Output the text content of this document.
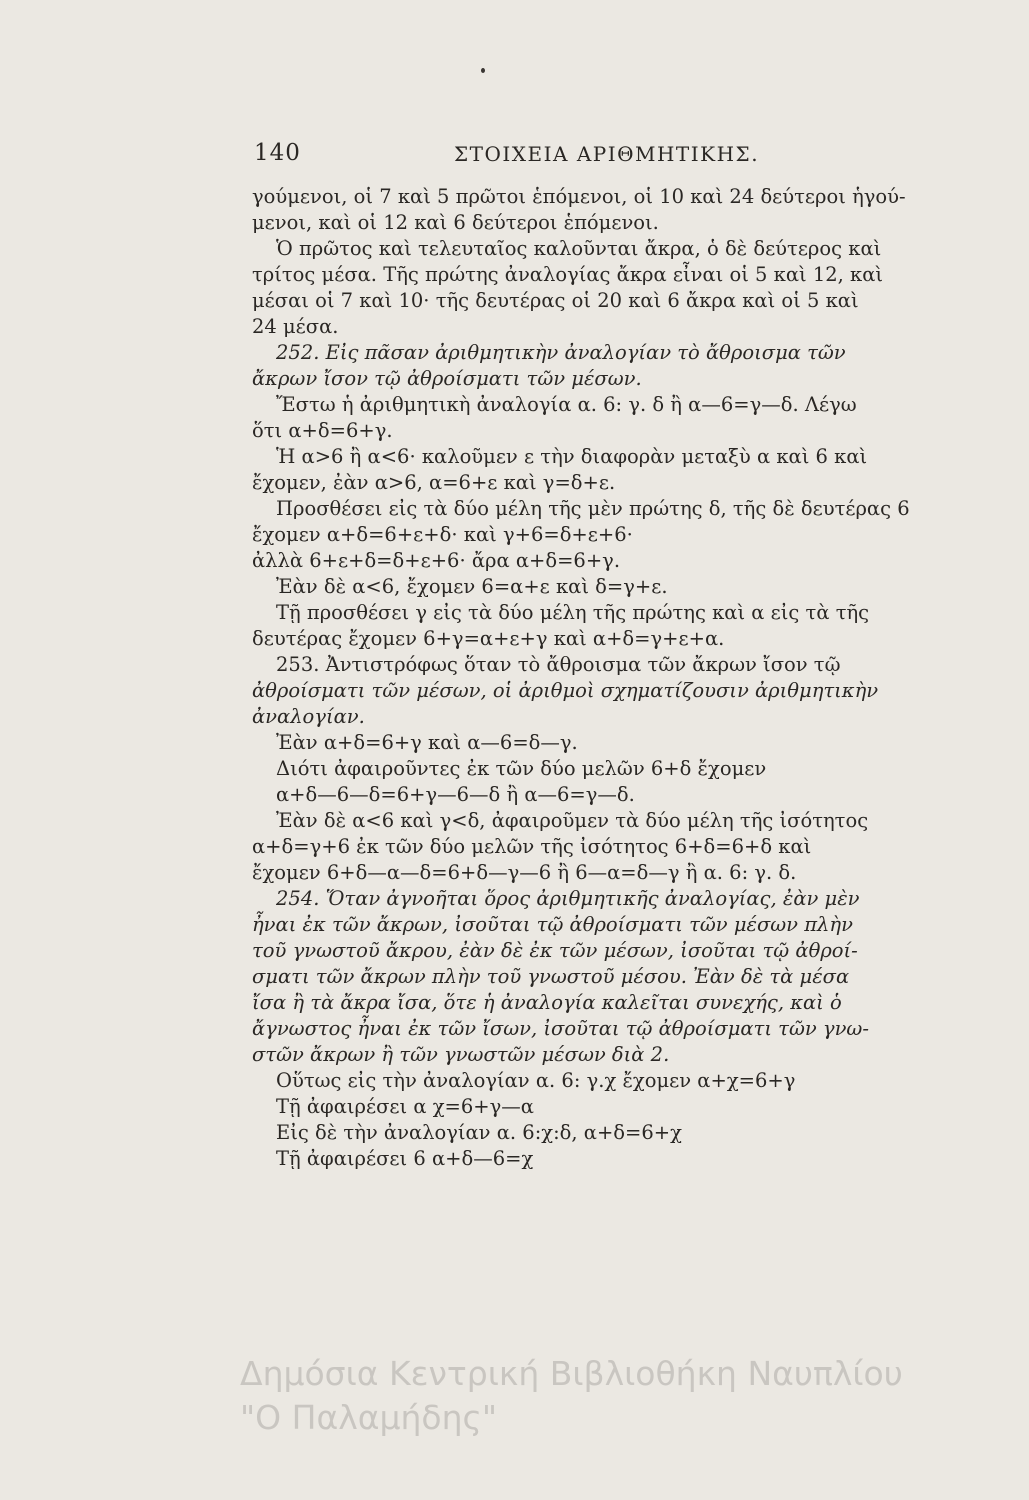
140	ΣΤΟΙΧΕΙΑ ΑΡΙΘΜΗΤΙΚΗΣ.
γούμενοι, οἱ 7 καὶ 5 πρῶτοι ἑπόμενοι, οἱ 10 καὶ 24 δεύτεροι ἡγού-
μενοι, καὶ οἱ 12 καὶ 6 δεύτεροι ἑπόμενοι.
Ὁ πρῶτος καὶ τελευταῖος καλοῦνται ἄκρα, ὁ δὲ δεύτερος καὶ
τρίτος μέσα. Τῆς πρώτης ἀναλογίας ἄκρα εἶναι οἱ 5 καὶ 12, καὶ
μέσαι οἱ 7 καὶ 10· τῆς δευτέρας οἱ 20 καὶ 6 ἄκρα καὶ οἱ 5 καὶ
24 μέσα.
252. Εἰς πᾶσαν ἀριθμητικὴν ἀναλογίαν τὸ ἄθροισμα τῶν
ἄκρων ἴσον τῷ ἀθροίσματι τῶν μέσων.
Ἔστω ἡ ἀριθμητικὴ ἀναλογία α. 6: γ. δ ἢ α—6=γ—δ. Λέγω
ὅτι α+δ=6+γ.
Ἡ α>6 ἢ α<6· καλοῦμεν ε τὴν διαφορὰν μεταξὺ α καὶ 6 καὶ
ἔχομεν, ἐὰν α>6, α=6+ε καὶ γ=δ+ε.
Προσθέσει εἰς τὰ δύο μέλη τῆς μὲν πρώτης δ, τῆς δὲ δευτέρας 6
ἔχομεν α+δ=6+ε+δ· καὶ γ+6=δ+ε+6·
ἀλλὰ 6+ε+δ=δ+ε+6· ἄρα α+δ=6+γ.
Ἐὰν δὲ α<6, ἔχομεν 6=α+ε καὶ δ=γ+ε.
Τῇ προσθέσει γ εἰς τὰ δύο μέλη τῆς πρώτης καὶ α εἰς τὰ τῆς
δευτέρας ἔχομεν 6+γ=α+ε+γ καὶ α+δ=γ+ε+α.
253. Ἀντιστρόφως ὅταν τὸ ἄθροισμα τῶν ἄκρων ἴσον τῷ
ἀθροίσματι τῶν μέσων, οἱ ἀριθμοὶ σχηματίζουσιν ἀριθμητικὴν
ἀναλογίαν.
Ἐὰν α+δ=6+γ καὶ α—6=δ—γ.
Διότι ἀφαιροῦντες ἐκ τῶν δύο μελῶν 6+δ ἔχομεν
α+δ—6—δ=6+γ—6—δ ἢ α—6=γ—δ.
Ἐὰν δὲ α<6 καὶ γ<δ, ἀφαιροῦμεν τὰ δύο μέλη τῆς ἰσότητος
α+δ=γ+6 ἐκ τῶν δύο μελῶν τῆς ἰσότητος 6+δ=6+δ καὶ
ἔχομεν 6+δ—α—δ=6+δ—γ—6 ἢ 6—α=δ—γ ἢ α. 6: γ. δ.
254. Ὅταν ἀγνοῆται ὅρος ἀριθμητικῆς ἀναλογίας, ἐὰν μὲν
ἦναι ἐκ τῶν ἄκρων, ἰσοῦται τῷ ἀθροίσματι τῶν μέσων πλὴν
τοῦ γνωστοῦ ἄκρου, ἐὰν δὲ ἐκ τῶν μέσων, ἰσοῦται τῷ ἀθροί-
σματι τῶν ἄκρων πλὴν τοῦ γνωστοῦ μέσου. Ἐὰν δὲ τὰ μέσα
ἴσα ἢ τὰ ἄκρα ἴσα, ὅτε ἡ ἀναλογία καλεῖται συνεχής, καὶ ὁ
ἄγνωστος ἦναι ἐκ τῶν ἴσων, ἰσοῦται τῷ ἀθροίσματι τῶν γνω-
στῶν ἄκρων ἢ τῶν γνωστῶν μέσων διὰ 2.
Οὕτως εἰς τὴν ἀναλογίαν α. 6: γ.χ ἔχομεν α+χ=6+γ
Τῇ ἀφαιρέσει α χ=6+γ—α
Εἰς δὲ τὴν ἀναλογίαν α. 6:χ:δ, α+δ=6+χ
Τῇ ἀφαιρέσει 6 α+δ—6=χ
Δημόσια Κεντρική Βιβλιοθήκη Ναυπλίου
"Ο Παλαμήδης"
